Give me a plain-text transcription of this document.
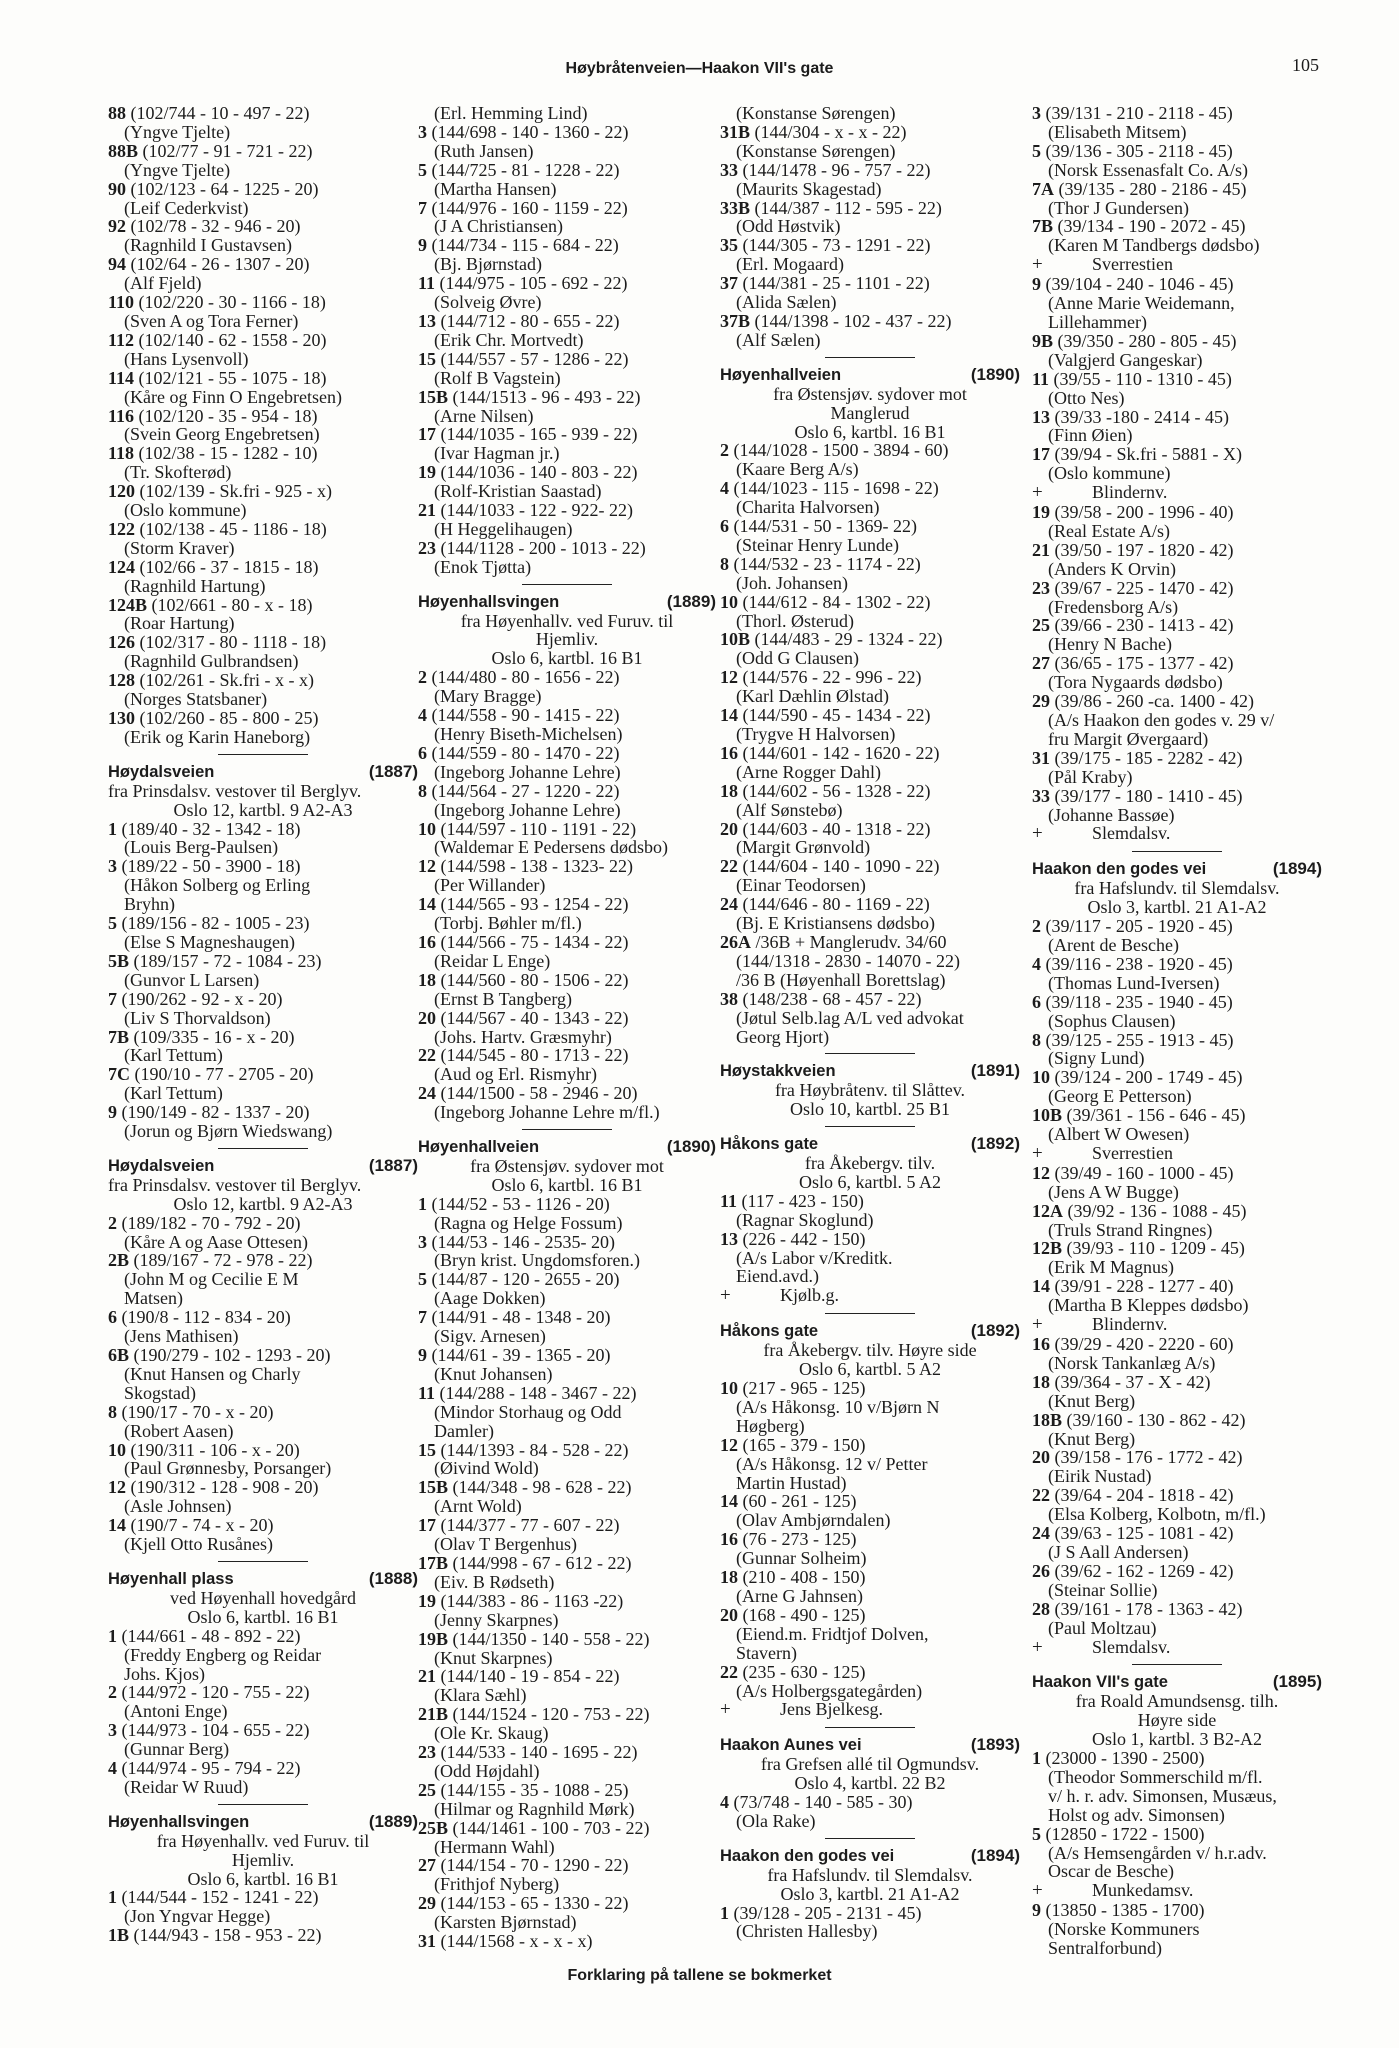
Høybråtenveien—Haakon VII's gate	105
88 (102/744 - 10 - 497 - 22)
(Yngve Tjelte)
88B (102/77 - 91 - 721 - 22)
(Yngve Tjelte)
90 (102/123 - 64 - 1225 - 20)
(Leif Cederkvist)
92 (102/78 - 32 - 946 - 20)
(Ragnhild I Gustavsen)
94 (102/64 - 26 - 1307 - 20)
(Alf Fjeld)
110 (102/220 - 30 - 1166 - 18)
(Sven A og Tora Ferner)
112 (102/140 - 62 - 1558 - 20)
(Hans Lysenvoll)
114 (102/121 - 55 - 1075 - 18)
(Kåre og Finn O Engebretsen)
116 (102/120 - 35 - 954 - 18)
(Svein Georg Engebretsen)
118 (102/38 - 15 - 1282 - 10)
(Tr. Skofterød)
120 (102/139 - Sk.fri - 925 - x)
(Oslo kommune)
122 (102/138 - 45 - 1186 - 18)
(Storm Kraver)
124 (102/66 - 37 - 1815 - 18)
(Ragnhild Hartung)
124B (102/661 - 80 - x - 18)
(Roar Hartung)
126 (102/317 - 80 - 1118 - 18)
(Ragnhild Gulbrandsen)
128 (102/261 - Sk.fri - x - x)
(Norges Statsbaner)
130 (102/260 - 85 - 800 - 25)
(Erik og Karin Haneborg)
Høydalsveien	(1887)
fra Prinsdalsv. vestover til Berglyv.
Oslo 12, kartbl. 9 A2-A3
1 (189/40 - 32 - 1342 - 18)
(Louis Berg-Paulsen)
3 (189/22 - 50 - 3900 - 18)
(Håkon Solberg og Erling
Bryhn)
5 (189/156 - 82 - 1005 - 23)
(Else S Magneshaugen)
5B (189/157 - 72 - 1084 - 23)
(Gunvor L Larsen)
7 (190/262 - 92 - x - 20)
(Liv S Thorvaldson)
7B (109/335 - 16 - x - 20)
(Karl Tettum)
7C (190/10 - 77 - 2705 - 20)
(Karl Tettum)
9 (190/149 - 82 - 1337 - 20)
(Jorun og Bjørn Wiedswang)
Høydalsveien	(1887)
fra Prinsdalsv. vestover til Berglyv.
Oslo 12, kartbl. 9 A2-A3
2 (189/182 - 70 - 792 - 20)
(Kåre A og Aase Ottesen)
2B (189/167 - 72 - 978 - 22)
(John M og Cecilie E M
Matsen)
6 (190/8 - 112 - 834 - 20)
(Jens Mathisen)
6B (190/279 - 102 - 1293 - 20)
(Knut Hansen og Charly
Skogstad)
8 (190/17 - 70 - x - 20)
(Robert Aasen)
10 (190/311 - 106 - x - 20)
(Paul Grønnesby, Porsanger)
12 (190/312 - 128 - 908 - 20)
(Asle Johnsen)
14 (190/7 - 74 - x - 20)
(Kjell Otto Rusånes)
Høyenhall plass	(1888)
ved Høyenhall hovedgård
Oslo 6, kartbl. 16 B1
1 (144/661 - 48 - 892 - 22)
(Freddy Engberg og Reidar
Johs. Kjos)
2 (144/972 - 120 - 755 - 22)
(Antoni Enge)
3 (144/973 - 104 - 655 - 22)
(Gunnar Berg)
4 (144/974 - 95 - 794 - 22)
(Reidar W Ruud)
Høyenhallsvingen	(1889)
fra Høyenhallv. ved Furuv. til
Hjemliv.
Oslo 6, kartbl. 16 B1
1 (144/544 - 152 - 1241 - 22)
(Jon Yngvar Hegge)
1B (144/943 - 158 - 953 - 22)
(Erl. Hemming Lind)
3 (144/698 - 140 - 1360 - 22)
(Ruth Jansen)
5 (144/725 - 81 - 1228 - 22)
(Martha Hansen)
7 (144/976 - 160 - 1159 - 22)
(J A Christiansen)
9 (144/734 - 115 - 684 - 22)
(Bj. Bjørnstad)
11 (144/975 - 105 - 692 - 22)
(Solveig Øvre)
13 (144/712 - 80 - 655 - 22)
(Erik Chr. Mortvedt)
15 (144/557 - 57 - 1286 - 22)
(Rolf B Vagstein)
15B (144/1513 - 96 - 493 - 22)
(Arne Nilsen)
17 (144/1035 - 165 - 939 - 22)
(Ivar Hagman jr.)
19 (144/1036 - 140 - 803 - 22)
(Rolf-Kristian Saastad)
21 (144/1033 - 122 - 922- 22)
(H Heggelihaugen)
23 (144/1128 - 200 - 1013 - 22)
(Enok Tjøtta)
Høyenhallsvingen	(1889)
fra Høyenhallv. ved Furuv. til
Hjemliv.
Oslo 6, kartbl. 16 B1
2 (144/480 - 80 - 1656 - 22)
(Mary Bragge)
4 (144/558 - 90 - 1415 - 22)
(Henry Biseth-Michelsen)
6 (144/559 - 80 - 1470 - 22)
(Ingeborg Johanne Lehre)
8 (144/564 - 27 - 1220 - 22)
(Ingeborg Johanne Lehre)
10 (144/597 - 110 - 1191 - 22)
(Waldemar E Pedersens dødsbo)
12 (144/598 - 138 - 1323- 22)
(Per Willander)
14 (144/565 - 93 - 1254 - 22)
(Torbj. Bøhler m/fl.)
16 (144/566 - 75 - 1434 - 22)
(Reidar L Enge)
18 (144/560 - 80 - 1506 - 22)
(Ernst B Tangberg)
20 (144/567 - 40 - 1343 - 22)
(Johs. Hartv. Græsmyhr)
22 (144/545 - 80 - 1713 - 22)
(Aud og Erl. Rismyhr)
24 (144/1500 - 58 - 2946 - 20)
(Ingeborg Johanne Lehre m/fl.)
Høyenhallveien	(1890)
fra Østensjøv. sydover mot
Oslo 6, kartbl. 16 B1
1 (144/52 - 53 - 1126 - 20)
(Ragna og Helge Fossum)
3 (144/53 - 146 - 2535- 20)
(Bryn krist. Ungdomsforen.)
5 (144/87 - 120 - 2655 - 20)
(Aage Dokken)
7 (144/91 - 48 - 1348 - 20)
(Sigv. Arnesen)
9 (144/61 - 39 - 1365 - 20)
(Knut Johansen)
11 (144/288 - 148 - 3467 - 22)
(Mindor Storhaug og Odd
Damler)
15 (144/1393 - 84 - 528 - 22)
(Øivind Wold)
15B (144/348 - 98 - 628 - 22)
(Arnt Wold)
17 (144/377 - 77 - 607 - 22)
(Olav T Bergenhus)
17B (144/998 - 67 - 612 - 22)
(Eiv. B Rødseth)
19 (144/383 - 86 - 1163 -22)
(Jenny Skarpnes)
19B (144/1350 - 140 - 558 - 22)
(Knut Skarpnes)
21 (144/140 - 19 - 854 - 22)
(Klara Sæhl)
21B (144/1524 - 120 - 753 - 22)
(Ole Kr. Skaug)
23 (144/533 - 140 - 1695 - 22)
(Odd Højdahl)
25 (144/155 - 35 - 1088 - 25)
(Hilmar og Ragnhild Mørk)
25B (144/1461 - 100 - 703 - 22)
(Hermann Wahl)
27 (144/154 - 70 - 1290 - 22)
(Frithjof Nyberg)
29 (144/153 - 65 - 1330 - 22)
(Karsten Bjørnstad)
31 (144/1568 - x - x - x)
(Konstanse Sørengen)
31B (144/304 - x - x - 22)
(Konstanse Sørengen)
33 (144/1478 - 96 - 757 - 22)
(Maurits Skagestad)
33B (144/387 - 112 - 595 - 22)
(Odd Høstvik)
35 (144/305 - 73 - 1291 - 22)
(Erl. Mogaard)
37 (144/381 - 25 - 1101 - 22)
(Alida Sælen)
37B (144/1398 - 102 - 437 - 22)
(Alf Sælen)
Høyenhallveien	(1890)
fra Østensjøv. sydover mot
Manglerud
Oslo 6, kartbl. 16 B1
2 (144/1028 - 1500 - 3894 - 60)
(Kaare Berg A/s)
4 (144/1023 - 115 - 1698 - 22)
(Charita Halvorsen)
6 (144/531 - 50 - 1369- 22)
(Steinar Henry Lunde)
8 (144/532 - 23 - 1174 - 22)
(Joh. Johansen)
10 (144/612 - 84 - 1302 - 22)
(Thorl. Østerud)
10B (144/483 - 29 - 1324 - 22)
(Odd G Clausen)
12 (144/576 - 22 - 996 - 22)
(Karl Dæhlin Ølstad)
14 (144/590 - 45 - 1434 - 22)
(Trygve H Halvorsen)
16 (144/601 - 142 - 1620 - 22)
(Arne Rogger Dahl)
18 (144/602 - 56 - 1328 - 22)
(Alf Sønstebø)
20 (144/603 - 40 - 1318 - 22)
(Margit Grønvold)
22 (144/604 - 140 - 1090 - 22)
(Einar Teodorsen)
24 (144/646 - 80 - 1169 - 22)
(Bj. E Kristiansens dødsbo)
26A /36B + Manglerudv. 34/60
(144/1318 - 2830 - 14070 - 22)
/36 B (Høyenhall Borettslag)
38 (148/238 - 68 - 457 - 22)
(Jøtul Selb.lag A/L ved advokat
Georg Hjort)
Høystakkveien	(1891)
fra Høybråtenv. til Slåttev.
Oslo 10, kartbl. 25 B1
Håkons gate	(1892)
fra Åkebergv. tilv.
Oslo 6, kartbl. 5 A2
11 (117 - 423 - 150)
(Ragnar Skoglund)
13 (226 - 442 - 150)
(A/s Labor v/Kreditk.
Eiend.avd.)
+	Kjølb.g.
Håkons gate	(1892)
fra Åkebergv. tilv. Høyre side
Oslo 6, kartbl. 5 A2
10 (217 - 965 - 125)
(A/s Håkonsg. 10 v/Bjørn N
Høgberg)
12 (165 - 379 - 150)
(A/s Håkonsg. 12 v/ Petter
Martin Hustad)
14 (60 - 261 - 125)
(Olav Ambjørndalen)
16 (76 - 273 - 125)
(Gunnar Solheim)
18 (210 - 408 - 150)
(Arne G Jahnsen)
20 (168 - 490 - 125)
(Eiend.m. Fridtjof Dolven,
Stavern)
22 (235 - 630 - 125)
(A/s Holbergsgategården)
+	Jens Bjelkesg.
Haakon Aunes vei	(1893)
fra Grefsen allé til Ogmundsv.
Oslo 4, kartbl. 22 B2
4 (73/748 - 140 - 585 - 30)
(Ola Rake)
Haakon den godes vei	(1894)
fra Hafslundv. til Slemdalsv.
Oslo 3, kartbl. 21 A1-A2
1 (39/128 - 205 - 2131 - 45)
(Christen Hallesby)
3 (39/131 - 210 - 2118 - 45)
(Elisabeth Mitsem)
5 (39/136 - 305 - 2118 - 45)
(Norsk Essenasfalt Co. A/s)
7A (39/135 - 280 - 2186 - 45)
(Thor J Gundersen)
7B (39/134 - 190 - 2072 - 45)
(Karen M Tandbergs dødsbo)
+	Sverrestien
9 (39/104 - 240 - 1046 - 45)
(Anne Marie Weidemann,
Lillehammer)
9B (39/350 - 280 - 805 - 45)
(Valgjerd Gangeskar)
11 (39/55 - 110 - 1310 - 45)
(Otto Nes)
13 (39/33 -180 - 2414 - 45)
(Finn Øien)
17 (39/94 - Sk.fri - 5881 - X)
(Oslo kommune)
+	Blindernv.
19 (39/58 - 200 - 1996 - 40)
(Real Estate A/s)
21 (39/50 - 197 - 1820 - 42)
(Anders K Orvin)
23 (39/67 - 225 - 1470 - 42)
(Fredensborg A/s)
25 (39/66 - 230 - 1413 - 42)
(Henry N Bache)
27 (36/65 - 175 - 1377 - 42)
(Tora Nygaards dødsbo)
29 (39/86 - 260 -ca. 1400 - 42)
(A/s Haakon den godes v. 29 v/
fru Margit Øvergaard)
31 (39/175 - 185 - 2282 - 42)
(Pål Kraby)
33 (39/177 - 180 - 1410 - 45)
(Johanne Bassøe)
+	Slemdalsv.
Haakon den godes vei	(1894)
fra Hafslundv. til Slemdalsv.
Oslo 3, kartbl. 21 A1-A2
2 (39/117 - 205 - 1920 - 45)
(Arent de Besche)
4 (39/116 - 238 - 1920 - 45)
(Thomas Lund-Iversen)
6 (39/118 - 235 - 1940 - 45)
(Sophus Clausen)
8 (39/125 - 255 - 1913 - 45)
(Signy Lund)
10 (39/124 - 200 - 1749 - 45)
(Georg E Petterson)
10B (39/361 - 156 - 646 - 45)
(Albert W Owesen)
+	Sverrestien
12 (39/49 - 160 - 1000 - 45)
(Jens A W Bugge)
12A (39/92 - 136 - 1088 - 45)
(Truls Strand Ringnes)
12B (39/93 - 110 - 1209 - 45)
(Erik M Magnus)
14 (39/91 - 228 - 1277 - 40)
(Martha B Kleppes dødsbo)
+	Blindernv.
16 (39/29 - 420 - 2220 - 60)
(Norsk Tankanlæg A/s)
18 (39/364 - 37 - X - 42)
(Knut Berg)
18B (39/160 - 130 - 862 - 42)
(Knut Berg)
20 (39/158 - 176 - 1772 - 42)
(Eirik Nustad)
22 (39/64 - 204 - 1818 - 42)
(Elsa Kolberg, Kolbotn, m/fl.)
24 (39/63 - 125 - 1081 - 42)
(J S Aall Andersen)
26 (39/62 - 162 - 1269 - 42)
(Steinar Sollie)
28 (39/161 - 178 - 1363 - 42)
(Paul Moltzau)
+	Slemdalsv.
Haakon VII's gate	(1895)
fra Roald Amundsensg. tilh.
Høyre side
Oslo 1, kartbl. 3 B2-A2
1 (23000 - 1390 - 2500)
(Theodor Sommerschild m/fl.
v/ h. r. adv. Simonsen, Musæus,
Holst og adv. Simonsen)
5 (12850 - 1722 - 1500)
(A/s Hemsengården v/ h.r.adv.
Oscar de Besche)
+	Munkedamsv.
9 (13850 - 1385 - 1700)
(Norske Kommuners
Sentralforbund)
Forklaring på tallene se bokmerket
